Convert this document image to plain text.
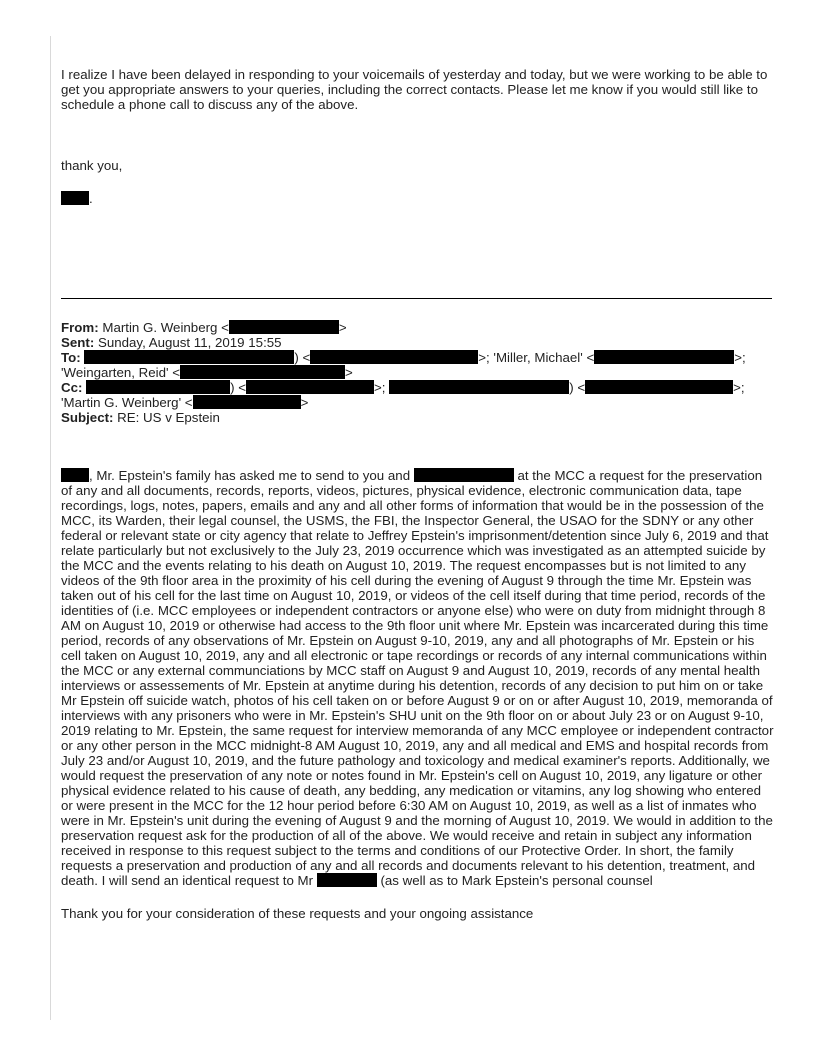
I realize I have been delayed in responding to your voicemails of yesterday and today, but we were working to be able to get you appropriate answers to your queries, including the correct contacts. Please let me know if you would still like to schedule a phone call to discuss any of the above.

thank you,

.

From: Martin G. Weinberg <	>
Sent: Sunday, August 11, 2019 15:55
To:	) <	>; 'Miller, Michael' <	>;
'Weingarten, Reid' <	>
Cc:	) <	>;	) <	>;
'Martin G. Weinberg' <	>
Subject: RE: US v Epstein

, Mr. Epstein's family has asked me to send to you and	at the MCC a request for the preservation of any and all documents, records, reports, videos, pictures, physical evidence, electronic communication data, tape recordings, logs, notes, papers, emails and any and all other forms of information that would be in the possession of the MCC, its Warden, their legal counsel, the USMS, the FBI, the Inspector General, the USAO for the SDNY or any other federal or relevant state or city agency that relate to Jeffrey Epstein's imprisonment/detention since July 6, 2019 and that relate particularly but not exclusively to the July 23, 2019 occurrence which was investigated as an attempted suicide by the MCC and the events relating to his death on August 10, 2019. The request encompasses but is not limited to any videos of the 9th floor area in the proximity of his cell during the evening of August 9 through the time Mr. Epstein was taken out of his cell for the last time on August 10, 2019, or videos of the cell itself during that time period, records of the identities of (i.e. MCC employees or independent contractors or anyone else) who were on duty from midnight through 8 AM on August 10, 2019 or otherwise had access to the 9th floor unit where Mr. Epstein was incarcerated during this time period, records of any observations of Mr. Epstein on August 9-10, 2019, any and all photographs of Mr. Epstein or his cell taken on August 10, 2019, any and all electronic or tape recordings or records of any internal communications within the MCC or any external communciations by MCC staff on August 9 and August 10, 2019, records of any mental health interviews or assessements of Mr. Epstein at anytime during his detention, records of any decision to put him on or take Mr Epstein off suicide watch, photos of his cell taken on or before August 9 or on or after August 10, 2019, memoranda of interviews with any prisoners who were in Mr. Epstein's SHU unit on the 9th floor on or about July 23 or on August 9-10, 2019 relating to Mr. Epstein, the same request for interview memoranda of any MCC employee or independent contractor or any other person in the MCC midnight-8 AM August 10, 2019, any and all medical and EMS and hospital records from July 23 and/or August 10, 2019, and the future pathology and toxicology and medical examiner's reports. Additionally, we would request the preservation of any note or notes found in Mr. Epstein's cell on August 10, 2019, any ligature or other physical evidence related to his cause of death, any bedding, any medication or vitamins, any log showing who entered or were present in the MCC for the 12 hour period before 6:30 AM on August 10, 2019, as well as a list of inmates who were in Mr. Epstein's unit during the evening of August 9 and the morning of August 10, 2019. We would in addition to the preservation request ask for the production of all of the above. We would receive and retain in subject any information received in response to this request subject to the terms and conditions of our Protective Order. In short, the family requests a preservation and production of any and all records and documents relevant to his detention, treatment, and death. I will send an identical request to Mr	(as well as to Mark Epstein's personal counsel

Thank you for your consideration of these requests and your ongoing assistance
